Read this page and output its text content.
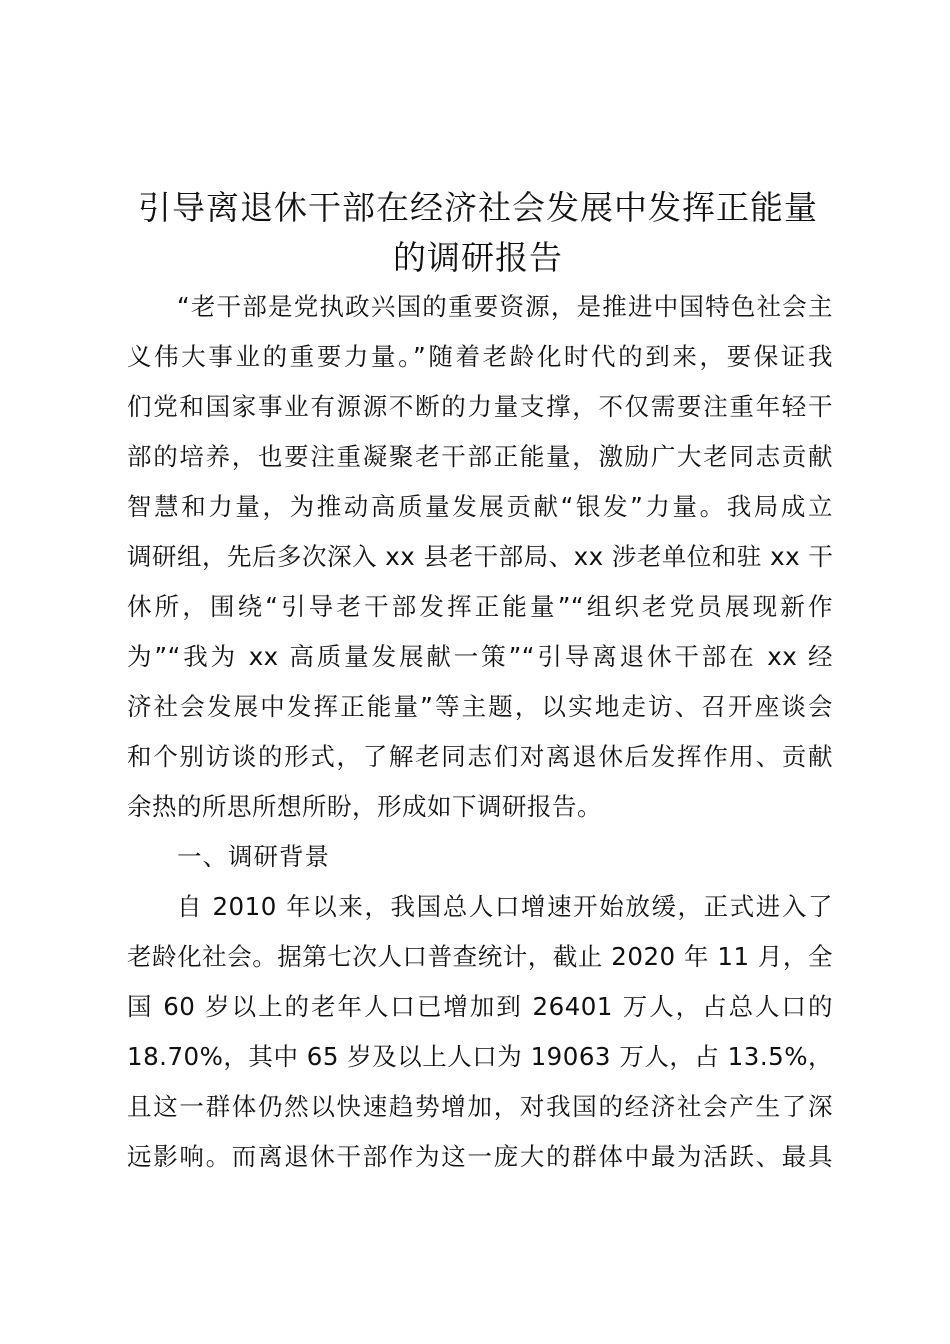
引导离退休干部在经济社会发展中发挥正能量
的调研报告
“老干部是党执政兴国的重要资源，是推进中国特色社会主
义伟大事业的重要力量。”随着老龄化时代的到来，要保证我
们党和国家事业有源源不断的力量支撑，不仅需要注重年轻干
部的培养，也要注重凝聚老干部正能量，激励广大老同志贡献
智慧和力量，为推动高质量发展贡献“银发”力量。我局成立
调研组，先后多次深入 xx 县老干部局、xx 涉老单位和驻 xx 干
休所，围绕“引导老干部发挥正能量”“组织老党员展现新作
为”“我为 xx 高质量发展献一策”“引导离退休干部在 xx 经
济社会发展中发挥正能量”等主题，以实地走访、召开座谈会
和个别访谈的形式，了解老同志们对离退休后发挥作用、贡献
余热的所思所想所盼，形成如下调研报告。
一、调研背景
自 2010 年以来，我国总人口增速开始放缓，正式进入了
老龄化社会。据第七次人口普查统计，截止 2020 年 11 月，全
国 60 岁以上的老年人口已增加到 26401 万人，占总人口的
18.70%，其中 65 岁及以上人口为 19063 万人，占 13.5%，
且这一群体仍然以快速趋势增加，对我国的经济社会产生了深
远影响。而离退休干部作为这一庞大的群体中最为活跃、最具
